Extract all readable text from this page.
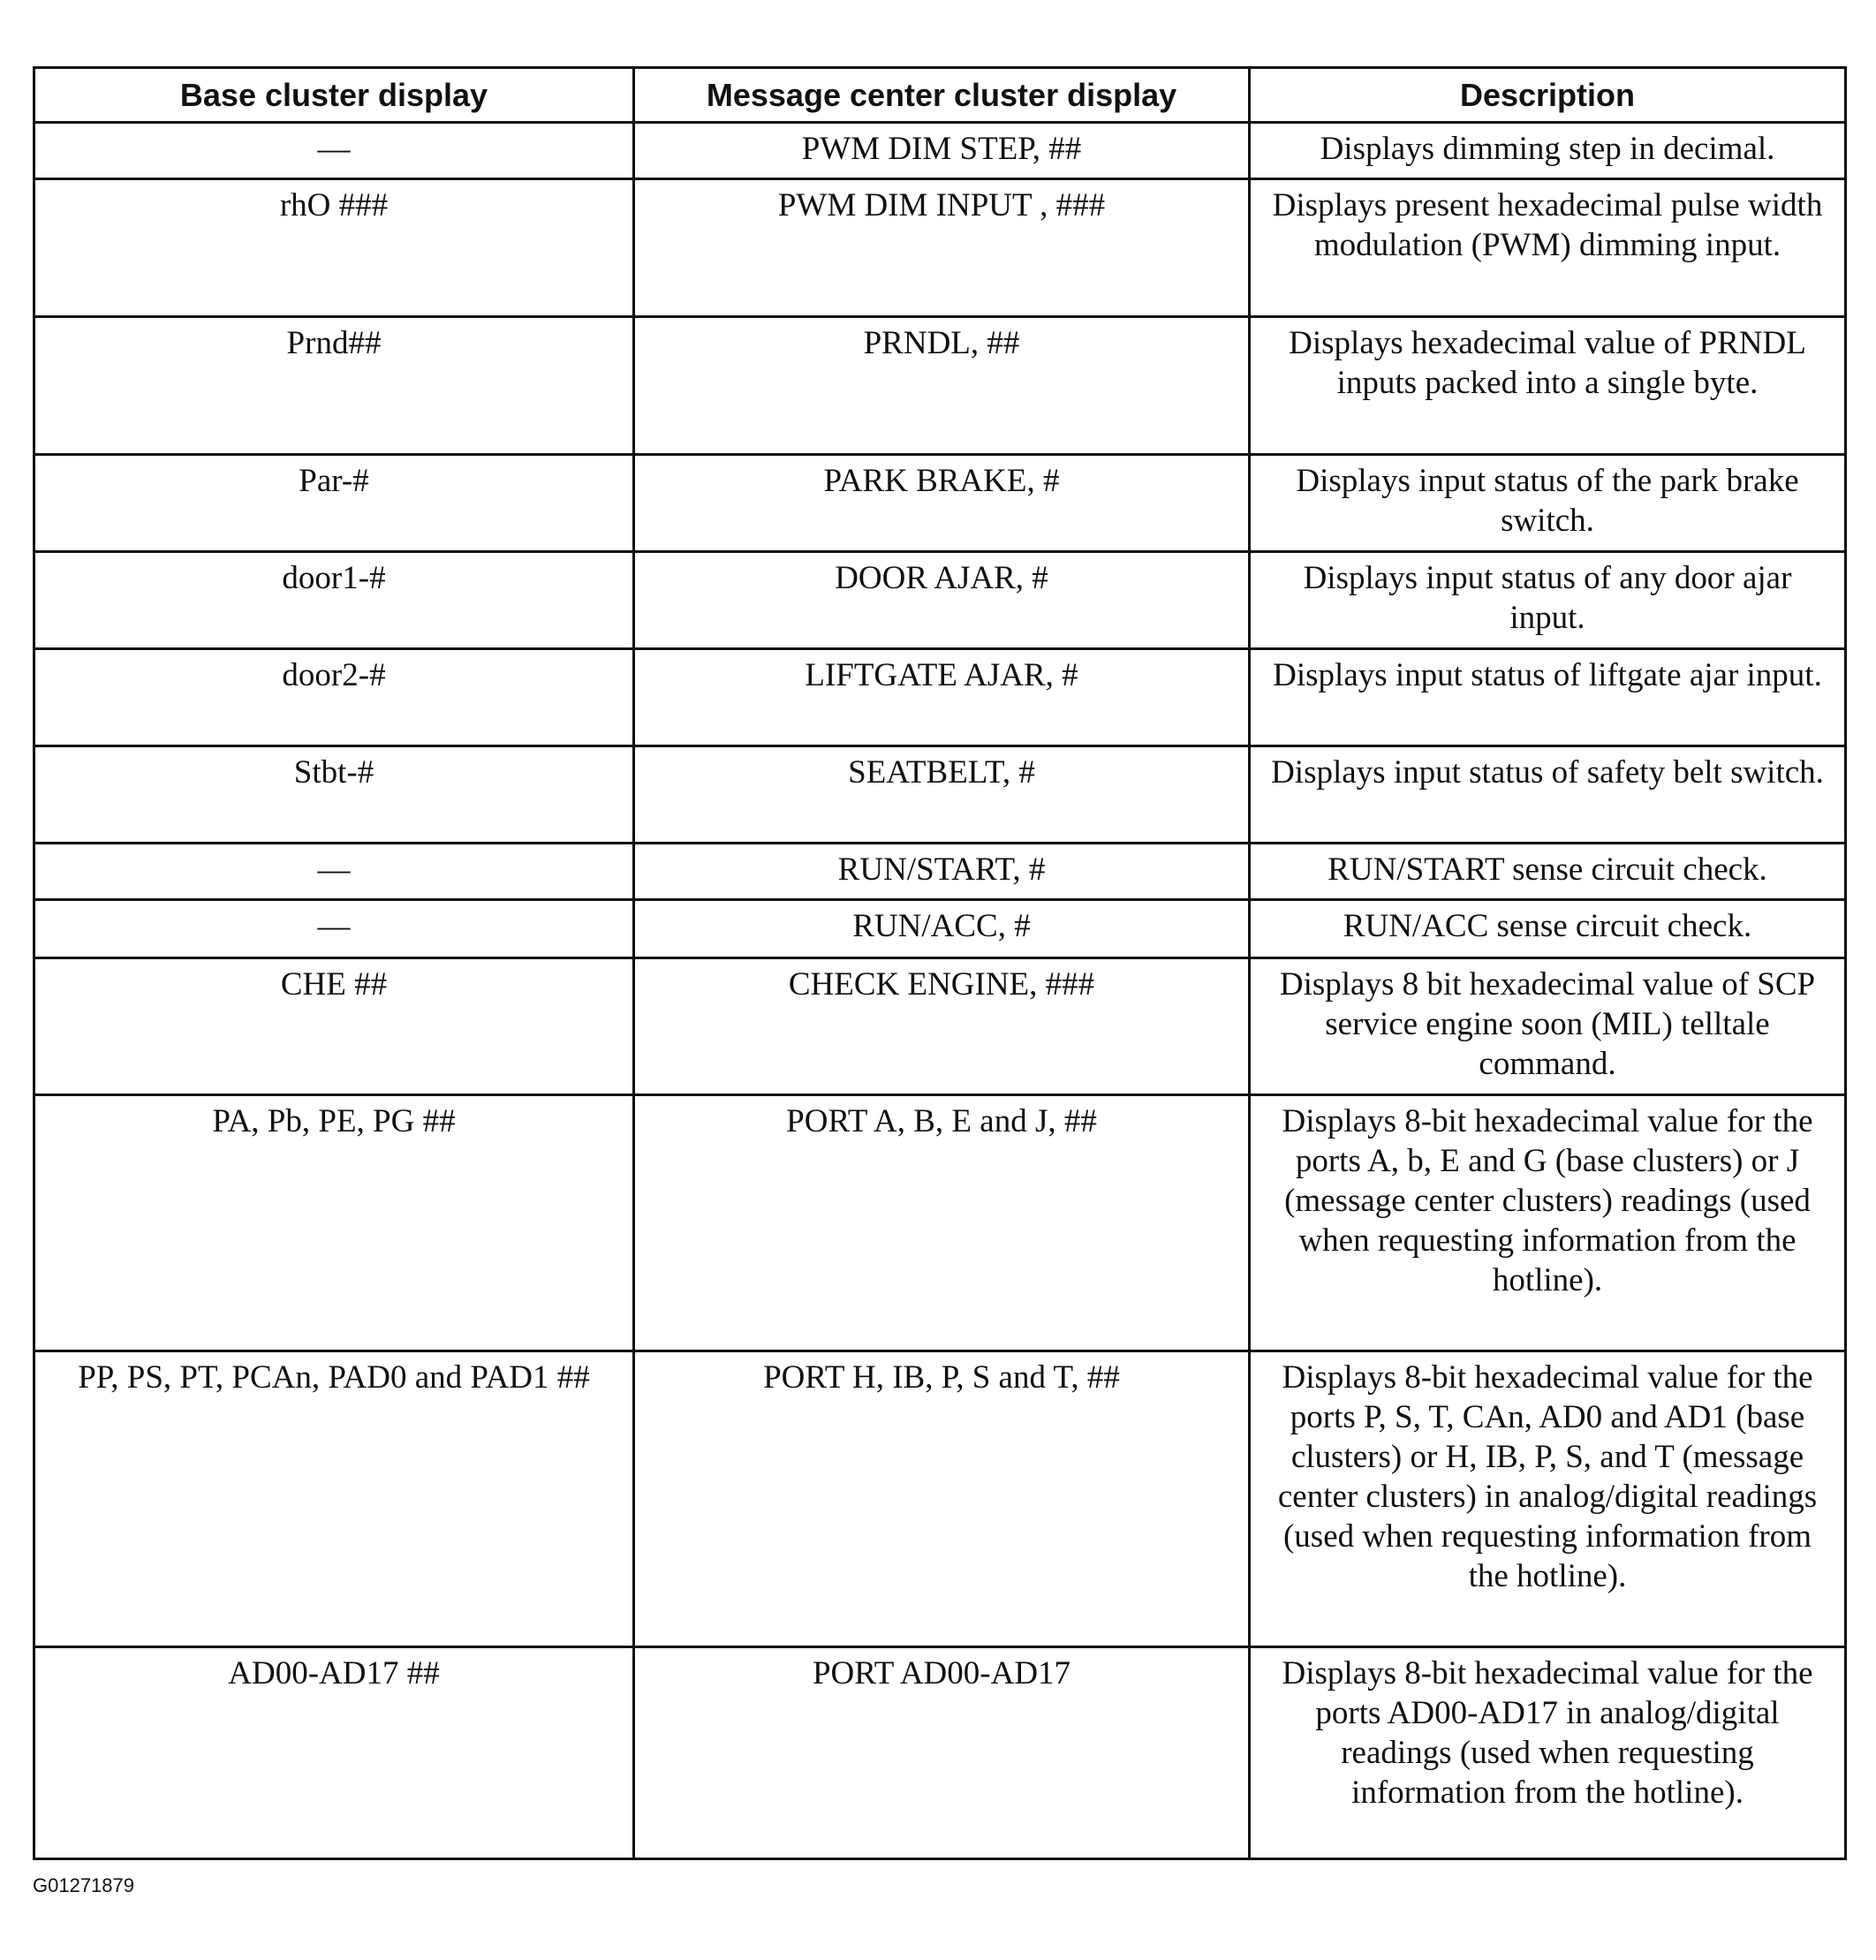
Base cluster display	Message center cluster display	Description
—	PWM DIM STEP, ##	Displays dimming step in decimal.
rhO ###	PWM DIM INPUT , ###	Displays present hexadecimal pulse width modulation (PWM) dimming input.
Prnd##	PRNDL, ##	Displays hexadecimal value of PRNDL inputs packed into a single byte.
Par-#	PARK BRAKE, #	Displays input status of the park brake switch.
door1-#	DOOR AJAR, #	Displays input status of any door ajar input.
door2-#	LIFTGATE AJAR, #	Displays input status of liftgate ajar input.
Stbt-#	SEATBELT, #	Displays input status of safety belt switch.
—	RUN/START, #	RUN/START sense circuit check.
—	RUN/ACC, #	RUN/ACC sense circuit check.
CHE ##	CHECK ENGINE, ###	Displays 8 bit hexadecimal value of SCP service engine soon (MIL) telltale command.
PA, Pb, PE, PG ##	PORT A, B, E and J, ##	Displays 8-bit hexadecimal value for the ports A, b, E and G (base clusters) or J (message center clusters) readings (used when requesting information from the hotline).
PP, PS, PT, PCAn, PAD0 and PAD1 ##	PORT H, IB, P, S and T, ##	Displays 8-bit hexadecimal value for the ports P, S, T, CAn, AD0 and AD1 (base clusters) or H, IB, P, S, and T (message center clusters) in analog/digital readings (used when requesting information from the hotline).
AD00-AD17 ##	PORT AD00-AD17	Displays 8-bit hexadecimal value for the ports AD00-AD17 in analog/digital readings (used when requesting information from the hotline).
G01271879
